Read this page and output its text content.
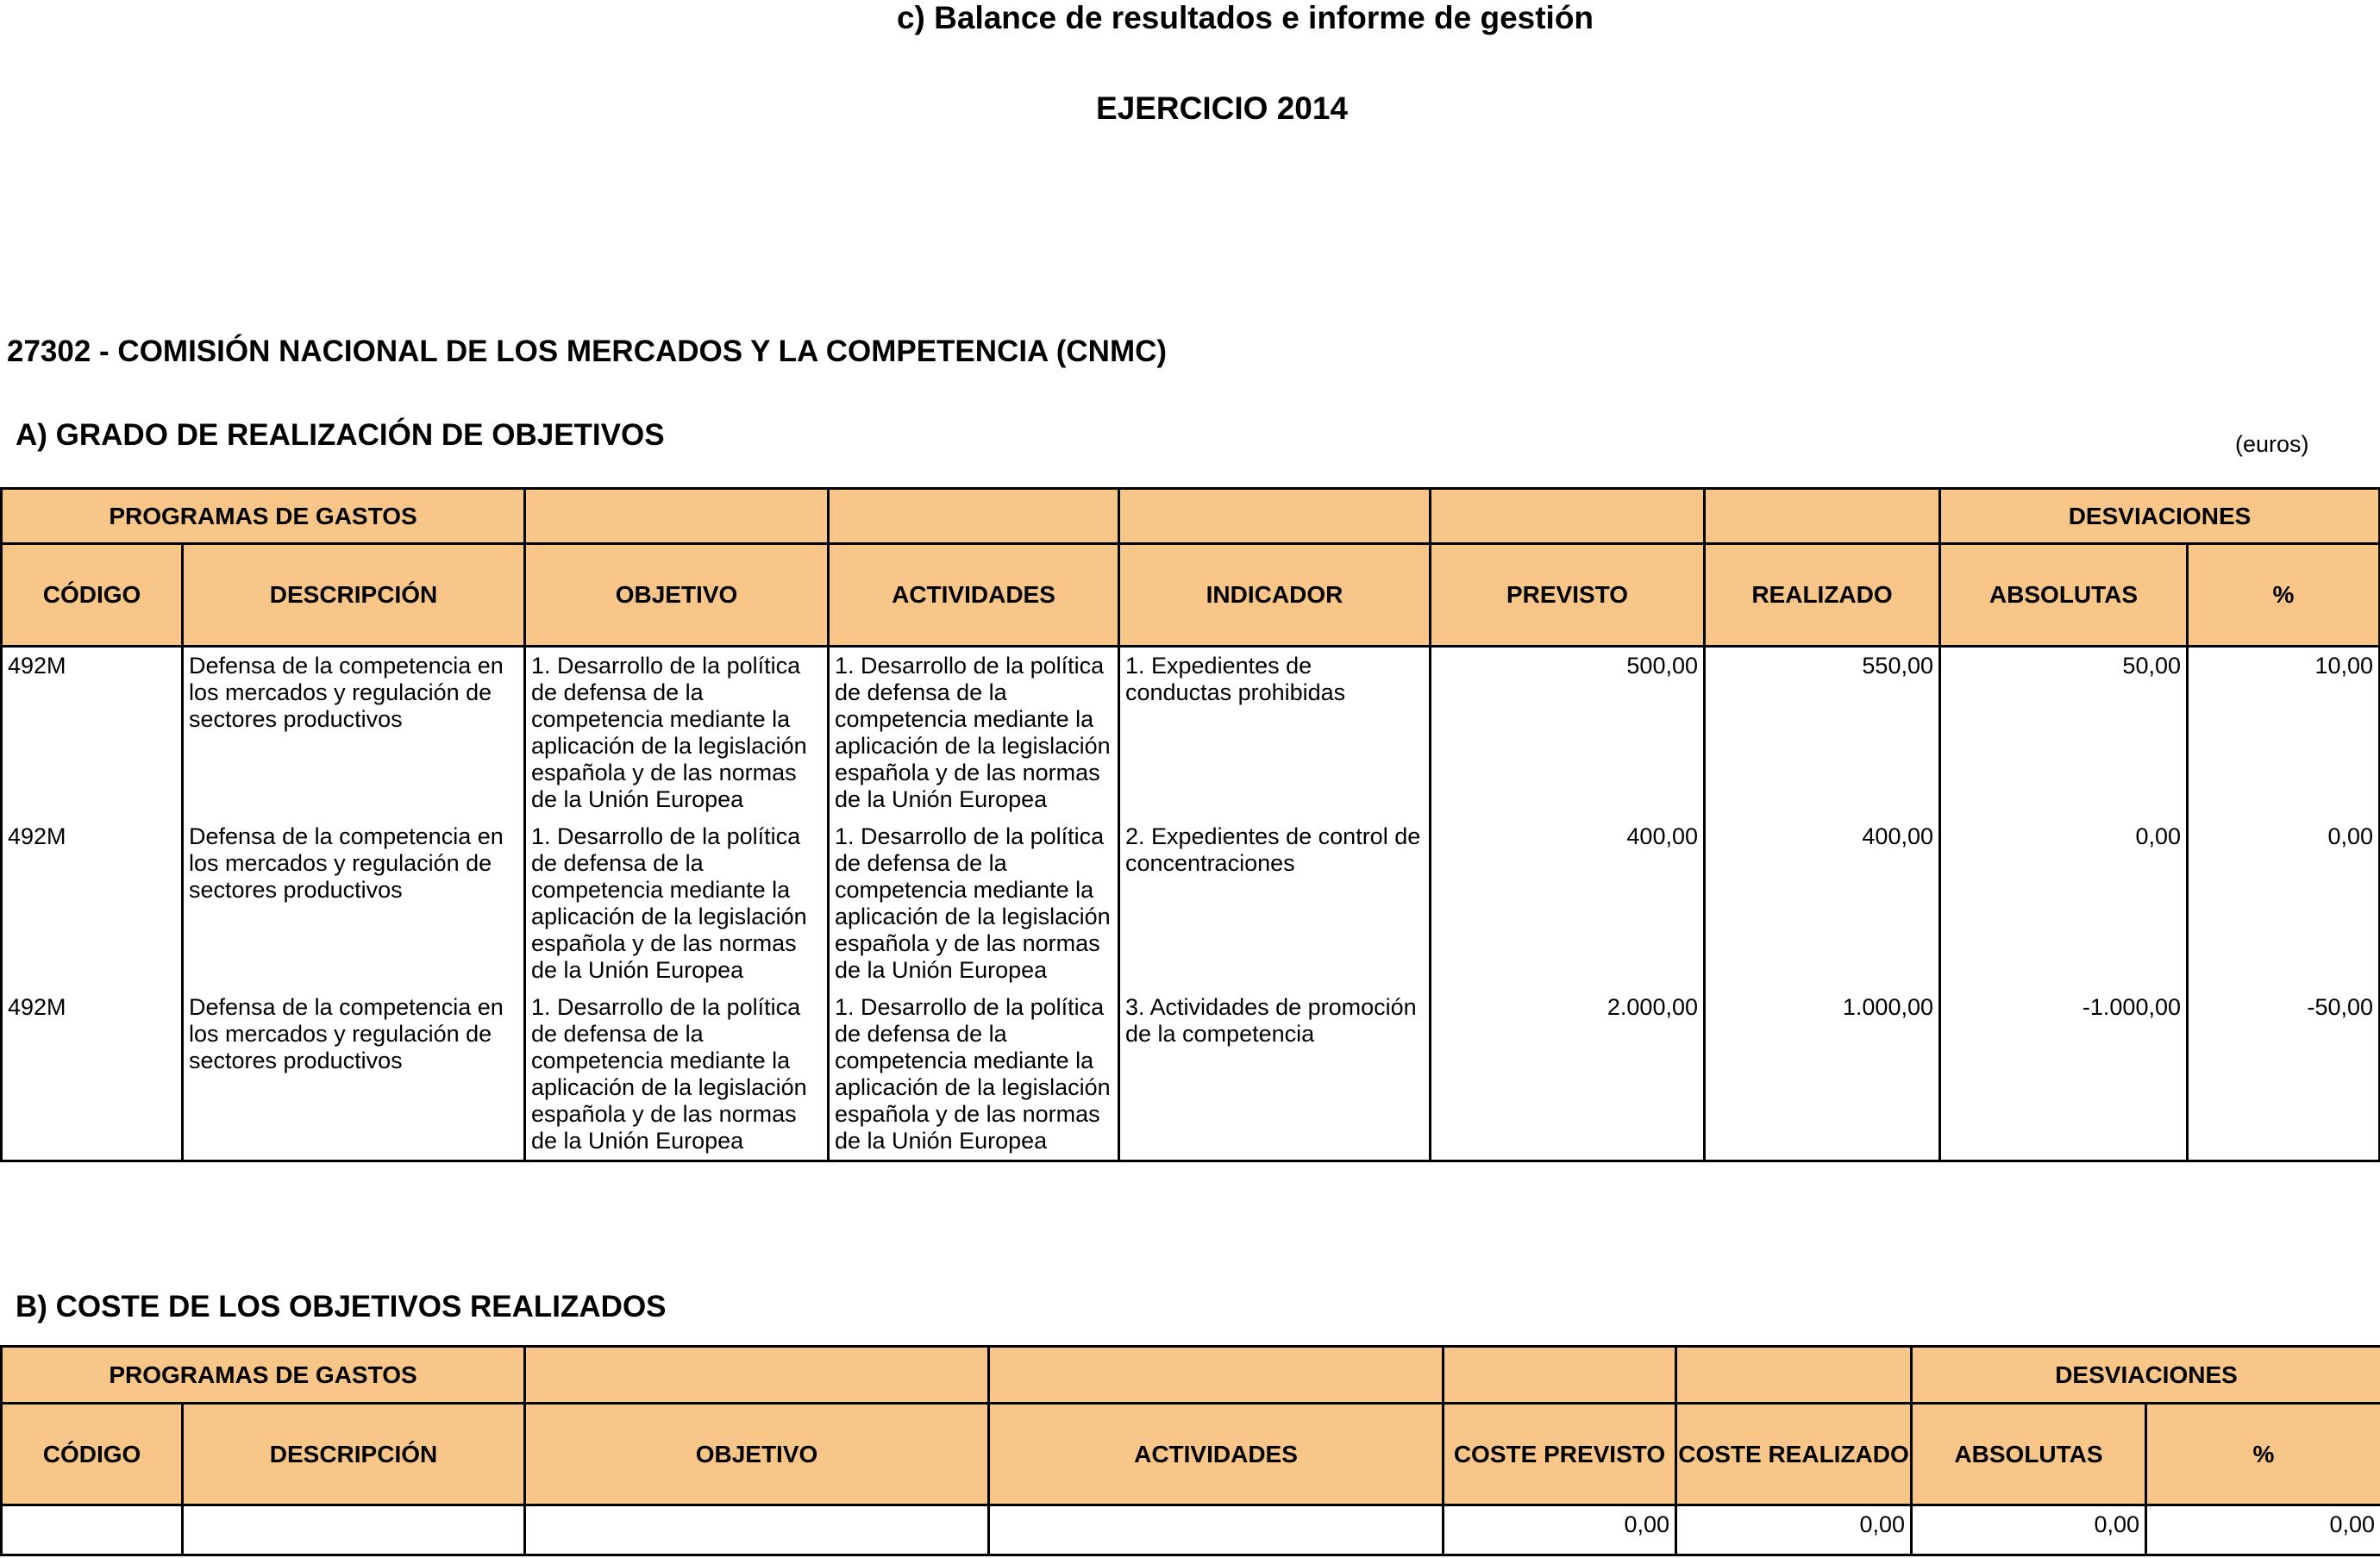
c) Balance de resultados e informe de gestión
EJERCICIO 2014
27302 - COMISIÓN NACIONAL DE LOS MERCADOS Y LA COMPETENCIA (CNMC)
A) GRADO DE REALIZACIÓN DE OBJETIVOS	(euros)
PROGRAMAS DE GASTOS							DESVIACIONES	
CÓDIGO	DESCRIPCIÓN	OBJETIVO	ACTIVIDADES	INDICADOR	PREVISTO	REALIZADO	ABSOLUTAS	%
492M	Defensa de la competencia en los mercados y regulación de sectores productivos	1. Desarrollo de la política de defensa de la competencia mediante la aplicación de la legislación española y de las normas de la Unión Europea	1. Desarrollo de la política de defensa de la competencia mediante la aplicación de la legislación española y de las normas de la Unión Europea	1. Expedientes de conductas prohibidas	500,00	550,00	50,00	10,00
492M	Defensa de la competencia en los mercados y regulación de sectores productivos	1. Desarrollo de la política de defensa de la competencia mediante la aplicación de la legislación española y de las normas de la Unión Europea	1. Desarrollo de la política de defensa de la competencia mediante la aplicación de la legislación española y de las normas de la Unión Europea	2. Expedientes de control de concentraciones	400,00	400,00	0,00	0,00
492M	Defensa de la competencia en los mercados y regulación de sectores productivos	1. Desarrollo de la política de defensa de la competencia mediante la aplicación de la legislación española y de las normas de la Unión Europea	1. Desarrollo de la política de defensa de la competencia mediante la aplicación de la legislación española y de las normas de la Unión Europea	3. Actividades de promoción de la competencia	2.000,00	1.000,00	-1.000,00	-50,00
B) COSTE DE LOS OBJETIVOS REALIZADOS
PROGRAMAS DE GASTOS						DESVIACIONES	
CÓDIGO	DESCRIPCIÓN	OBJETIVO	ACTIVIDADES	COSTE PREVISTO	COSTE REALIZADO	ABSOLUTAS	%
				0,00	0,00	0,00	0,00
